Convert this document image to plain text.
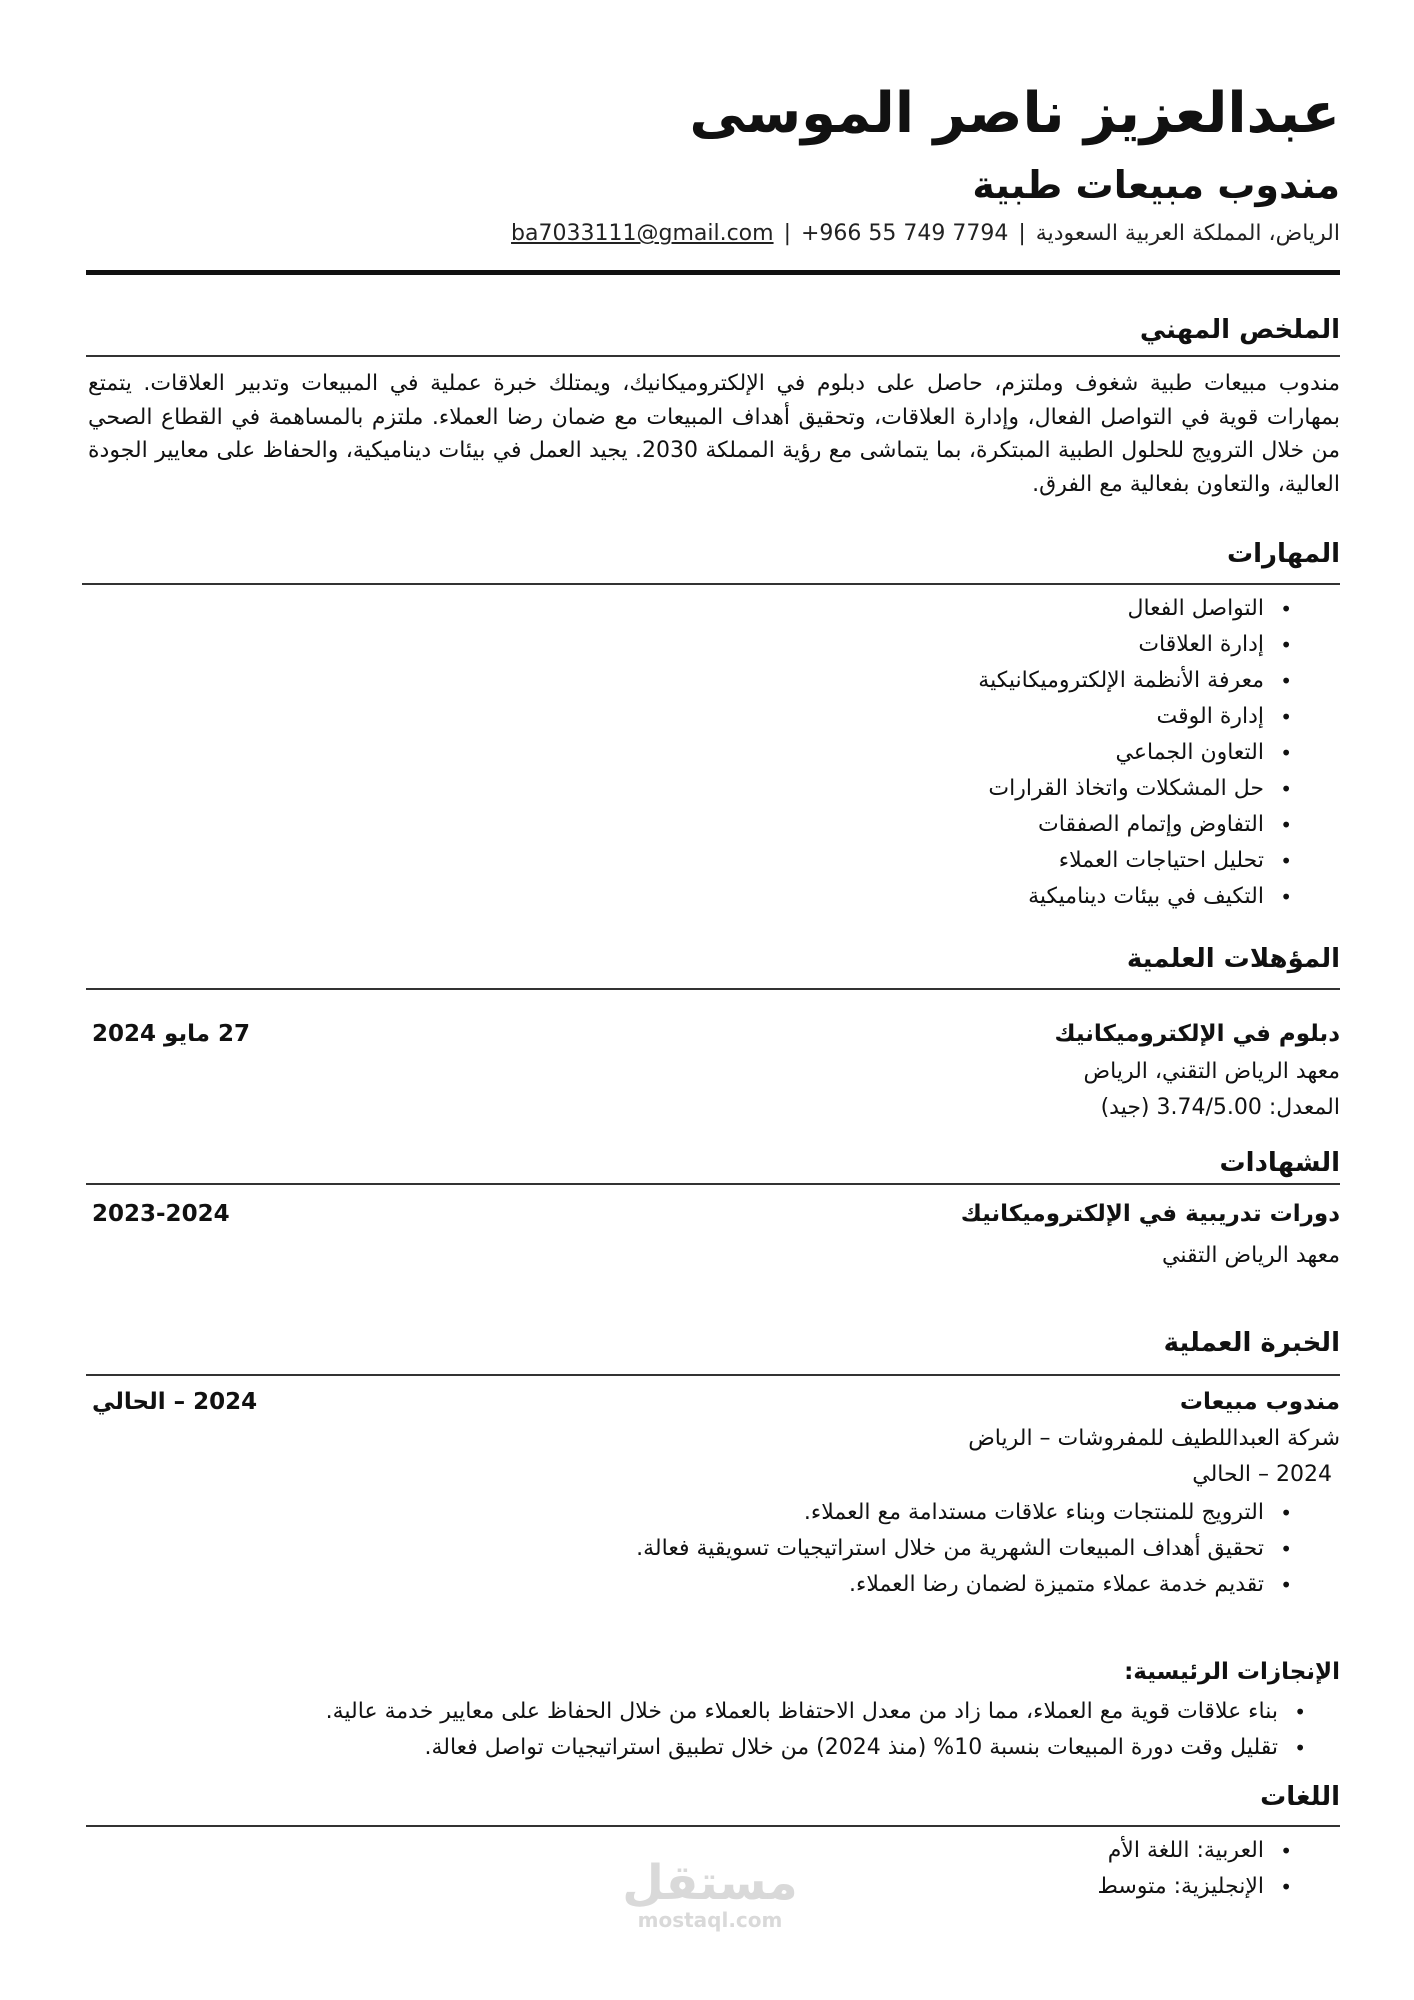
عبدالعزيز ناصر الموسى
مندوب مبيعات طبية
الرياض، المملكة العربية السعودية|+966 55 749 7794|ba7033111@gmail.com
الملخص المهني
مندوب مبيعات طبية شغوف وملتزم، حاصل على دبلوم في الإلكتروميكانيك، ويمتلك خبرة عملية في المبيعات وتدبير العلاقات. يتمتع بمهارات قوية في التواصل الفعال، وإدارة العلاقات، وتحقيق أهداف المبيعات مع ضمان رضا العملاء. ملتزم بالمساهمة في القطاع الصحي من خلال الترويج للحلول الطبية المبتكرة، بما يتماشى مع رؤية المملكة 2030. يجيد العمل في بيئات ديناميكية، والحفاظ على معايير الجودة العالية، والتعاون بفعالية مع الفرق.
المهارات
• التواصل الفعال
• إدارة العلاقات
• معرفة الأنظمة الإلكتروميكانيكية
• إدارة الوقت
• التعاون الجماعي
• حل المشكلات واتخاذ القرارات
• التفاوض وإتمام الصفقات
• تحليل احتياجات العملاء
• التكيف في بيئات ديناميكية
المؤهلات العلمية
دبلوم في الإلكتروميكانيك
27 مايو 2024
معهد الرياض التقني، الرياض
المعدل: 3.74/5.00 (جيد)
الشهادات
دورات تدريبية في الإلكتروميكانيك
2023-2024
معهد الرياض التقني
الخبرة العملية
مندوب مبيعات
2024 – الحالي
شركة العبداللطيف للمفروشات – الرياض
2024 – الحالي
• الترويج للمنتجات وبناء علاقات مستدامة مع العملاء.
• تحقيق أهداف المبيعات الشهرية من خلال استراتيجيات تسويقية فعالة.
• تقديم خدمة عملاء متميزة لضمان رضا العملاء.
الإنجازات الرئيسية:
• بناء علاقات قوية مع العملاء، مما زاد من معدل الاحتفاظ بالعملاء من خلال الحفاظ على معايير خدمة عالية.
• تقليل وقت دورة المبيعات بنسبة 10% (منذ 2024) من خلال تطبيق استراتيجيات تواصل فعالة.
اللغات
• العربية: اللغة الأم
• الإنجليزية: متوسط
مستقل
mostaql.com
